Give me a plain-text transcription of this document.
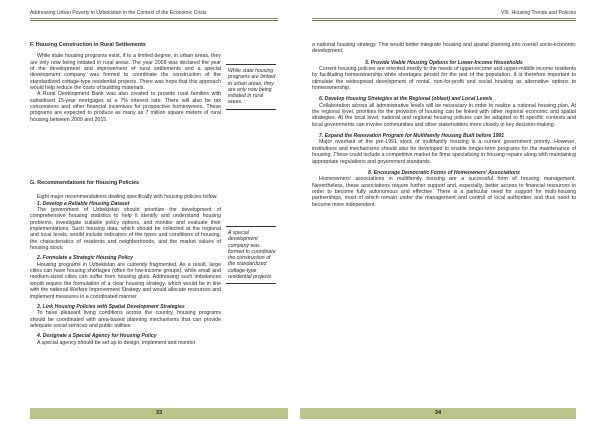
Addressing Urban Poverty in Uzbekistan in the Context of the Economic Crisis
F. Housing Construction in Rural Settlements

While state housing programs exist, if to a limited degree, in urban areas, they are only now being initiated in rural areas. The year 2009 was declared the year of the development and improvement of rural settlements and a special development company was formed to coordinate the construction of the standardized cottage-type residential projects. There was hope that this approach would help reduce the costs of building materials.

A Rural Development Bank was also created to provide rural families with subsidised 15-year mortgages at a 7% interest rate. There will also be tax concessions and other financial incentives for prospective homeowners. These programs are expected to produce as many as 7 million square meters of rural housing between 2009 and 2015.

While state housing programs are limited in urban areas, they are only now being initiated in rural areas.
G. Recommendations for Housing Policies

Eight major recommendations dealing specifically with housing policies follow.

1. Develop a Reliable Housing Dataset

The government of Uzbekistan should prioritize the development of comprehensive housing statistics to help it identify and understand housing problems, investigate suitable policy options, and monitor and evaluate their implementations. Such housing data, which should be collected at the regional and local levels, would include indicators of the types and conditions of housing, the characteristics of residents and neighborhoods, and the market values of housing stock.

2. Formulate a Strategic Housing Policy

Housing programs in Uzbekistan are currently fragmented. As a result, large cities can have housing shortages (often for low-income groups), while small and medium-sized cities can suffer from housing gluts. Addressing such imbalances would require the formulation of a clear housing strategy, which would be in line with the national Welfare Improvement Strategy and would allocate resources and implement measures in a coordinated manner.

3. Link Housing Policies with Spatial Development Strategies

To have pleasant living conditions across the country, housing programs should be coordinated with area-based planning mechanisms that can provide adequate social services and public utilities.

4. Designate a Special Agency for Housing Policy

A special agency should be set up to design, implement and monitor

A special development company was formed to coordinate the construction of the standardized cottage-type residential projects
33
VIII. Housing Trends and Policies

a national housing strategy. This would better integrate housing and spatial planning into overall socio-economic development.

5. Provide Viable Housing Options for Lower-Income Households

Current housing policies are oriented mostly to the needs of upper-income and upper-middle income residents by facilitating homeownership while shortages persist for the rest of the population. It is therefore important to stimulate the widespread development of rental, non-for-profit and social housing as alternative options to homeownership.

6. Develop Housing Strategies at the Regional (oblast) and Local Levels

Collaboration across all administrative levels will be necessary in order to realize a national housing plan. At the regional level, priorities for the provision of housing can be linked with other regional economic and spatial strategies. At the local level, national and regional housing policies can be adapted to fit specific contexts and local governments can involve communities and other stakeholders more closely in key decision-making.

7. Expand the Renovation Program for Multifamily Housing Built before 1991

Major overhaul of the pre-1991 stock of multifamily housing is a current government priority. However, institutions and mechanisms should also be developed to enable longer-term programs for the maintenance of housing. These could include a competitive market for firms specializing in housing repairs along with maintaining appropriate regulations and government standards.

8. Encourage Democratic Forms of Homeowners' Associations

Homeowners' associations in multifamily housing are a successful form of housing management. Nevertheless, these associations require further support and, especially, better access to financial resources in order to become fully autonomous and effective. There is a particular need for support for multi-housing partnerships, most of which remain under the management and control of local authorities and thus need to become more independent.

34
